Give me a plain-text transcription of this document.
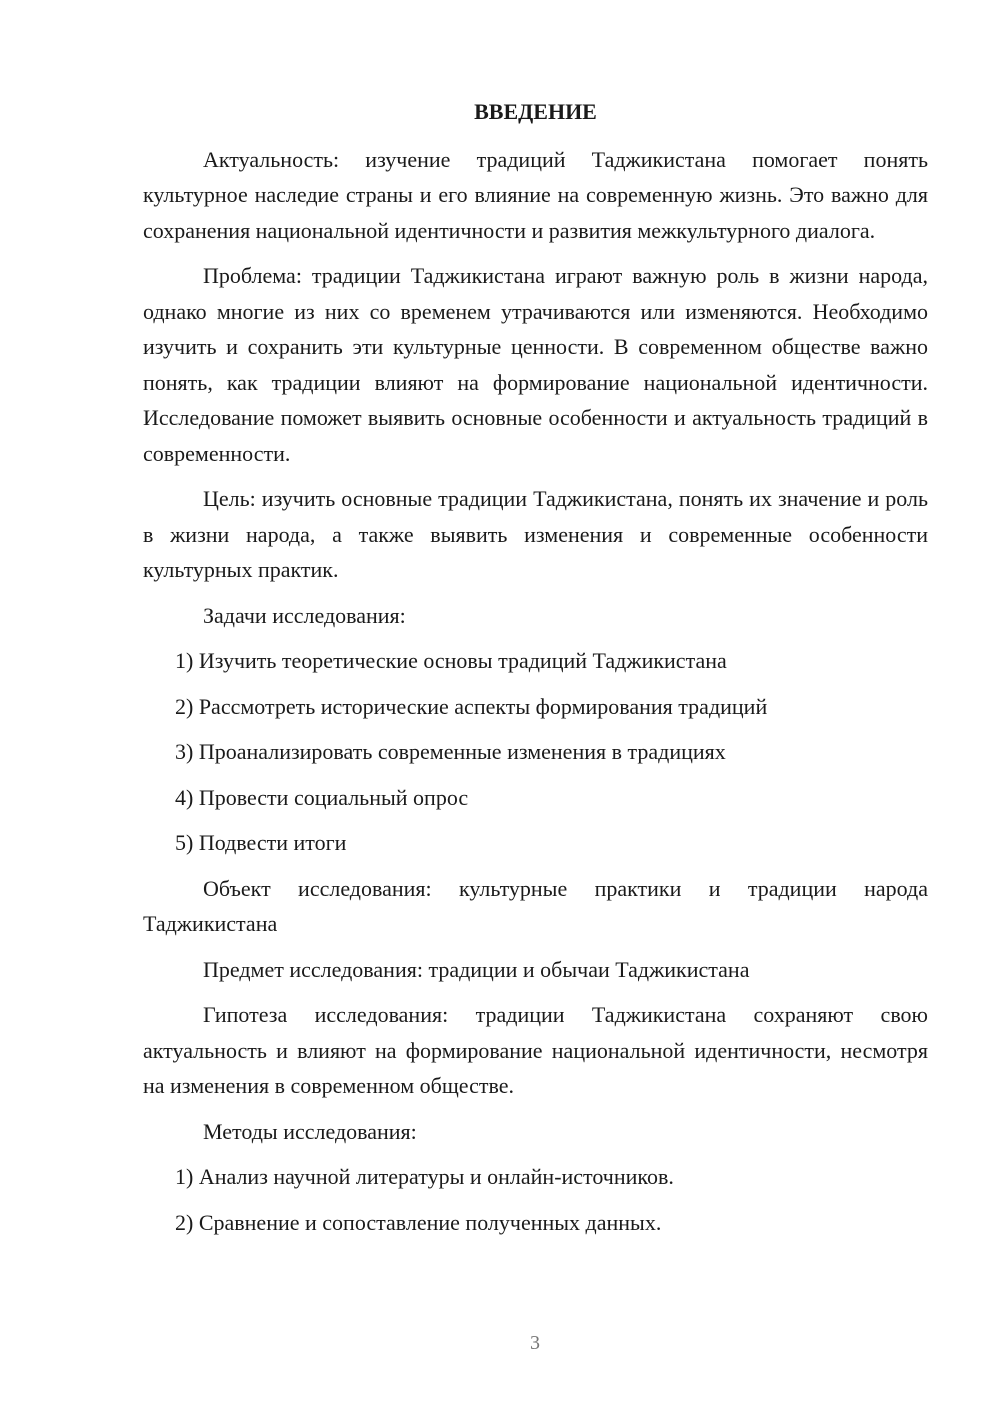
ВВЕДЕНИЕ

Актуальность: изучение традиций Таджикистана помогает понять культурное наследие страны и его влияние на современную жизнь. Это важно для сохранения национальной идентичности и развития межкультурного диалога.

Проблема: традиции Таджикистана играют важную роль в жизни народа, однако многие из них со временем утрачиваются или изменяются. Необходимо изучить и сохранить эти культурные ценности. В современном обществе важно понять, как традиции влияют на формирование национальной идентичности. Исследование поможет выявить основные особенности и актуальность традиций в современности.

Цель: изучить основные традиции Таджикистана, понять их значение и роль в жизни народа, а также выявить изменения и современные особенности культурных практик.

Задачи исследования:
1) Изучить теоретические основы традиций Таджикистана
2) Рассмотреть исторические аспекты формирования традиций
3) Проанализировать современные изменения в традициях
4) Провести социальный опрос
5) Подвести итоги

Объект исследования: культурные практики и традиции народа Таджикистана

Предмет исследования: традиции и обычаи Таджикистана

Гипотеза исследования: традиции Таджикистана сохраняют свою актуальность и влияют на формирование национальной идентичности, несмотря на изменения в современном обществе.

Методы исследования:
1) Анализ научной литературы и онлайн-источников.
2) Сравнение и сопоставление полученных данных.
3
